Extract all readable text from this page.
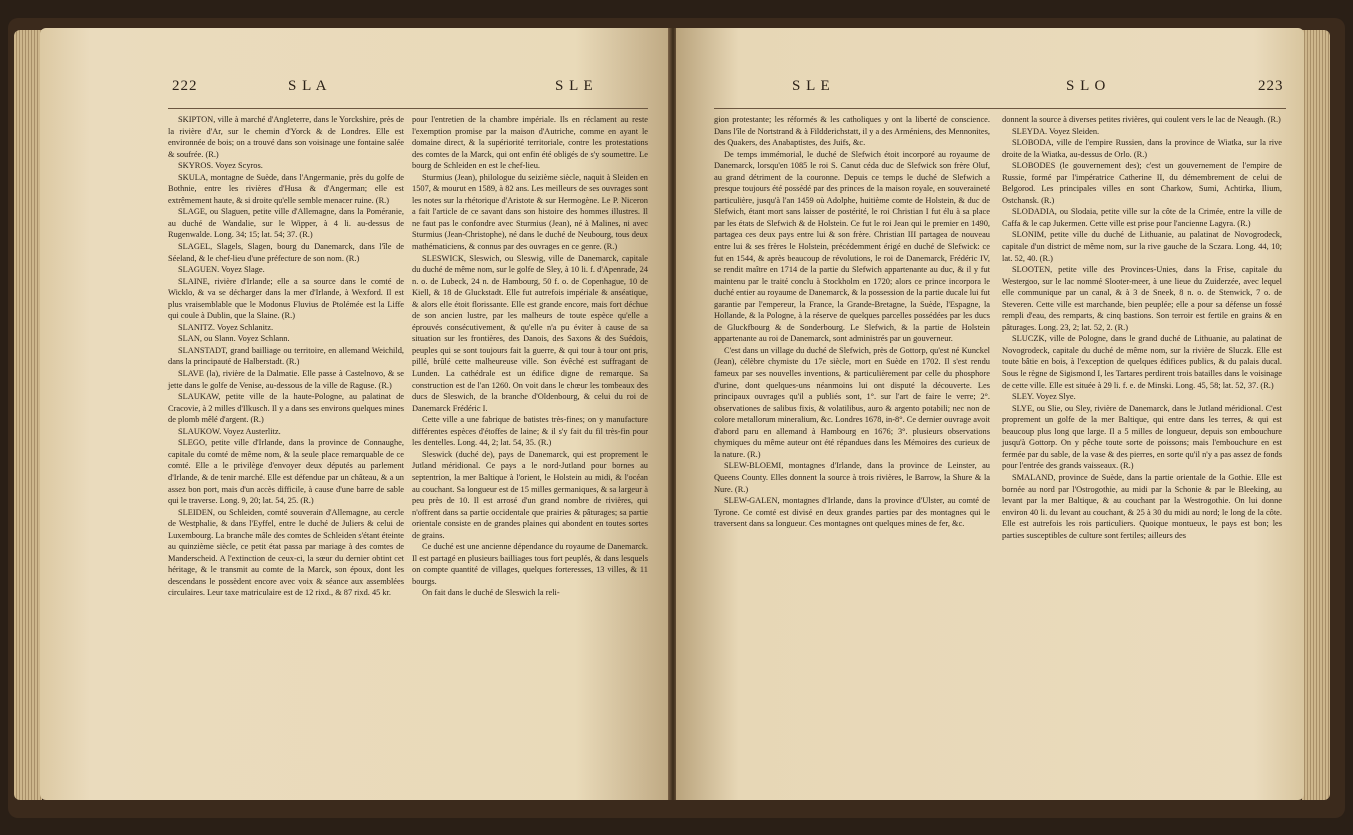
222	S L A	S L E

SKIPTON, ville à marché d'Angleterre, dans le Yorckshire, près de la rivière d'Ar, sur le chemin d'Yorck & de Londres. Elle est environnée de bois; on a trouvé dans son voisinage une fontaine salée & soufrée. (R.)

SKYROS. Voyez Scyros.

SKULA, montagne de Suède, dans l'Angermanie, près du golfe de Bothnie, entre les rivières d'Husa & d'Angerman; elle est extrêmement haute, & si droite qu'elle semble menacer ruine. (R.)

SLAGE, ou Slaguen, petite ville d'Allemagne, dans la Poméranie, au duché de Wandalie, sur le Wipper, à 4 li. au-dessus de Rugenwalde. Long. 34; 15; lat. 54; 37. (R.)

SLAGEL, Slagels, Slagen, bourg du Danemarck, dans l'île de Séeland, & le chef-lieu d'une préfecture de son nom. (R.)

SLAGUEN. Voyez Slage.

SLAINE, rivière d'Irlande; elle a sa source dans le comté de Wicklo, & va se décharger dans la mer d'Irlande, à Wexford. Il est plus vraisemblable que le Modonus Fluvius de Ptolémée est la Liffe qui coule à Dublin, que la Slaine. (R.)

SLANITZ. Voyez Schlanitz.

SLAN, ou Slann. Voyez Schlann.

SLANSTADT, grand bailliage ou territoire, en allemand Weichild, dans la principauté de Halberstadt. (R.)

SLAVE (la), rivière de la Dalmatie. Elle passe à Castelnovo, & se jette dans le golfe de Venise, au-dessous de la ville de Raguse. (R.)

SLAUKAW, petite ville de la haute-Pologne, au palatinat de Cracovie, à 2 milles d'Ilkusch. Il y a dans ses environs quelques mines de plomb mêlé d'argent. (R.)

SLAUKOW. Voyez Austerlitz.

SLEGO, petite ville d'Irlande, dans la province de Connaughe, capitale du comté de même nom, & la seule place remarquable de ce comté. Elle a le privilège d'envoyer deux députés au parlement d'Irlande, & de tenir marché. Elle est défendue par un château, & a un assez bon port, mais d'un accès difficile, à cause d'une barre de sable qui le traverse. Long. 9, 20; lat. 54, 25. (R.)

SLEIDEN, ou Schleiden, comté souverain d'Allemagne, au cercle de Westphalie, & dans l'Eyffel, entre le duché de Juliers & celui de Luxembourg. La branche mâle des comtes de Schleiden s'étant éteinte au quinzième siècle, ce petit état passa par mariage à des comtes de Manderscheid. A l'extinction de ceux-ci, la sœur du dernier obtint cet héritage, & le transmit au comte de la Marck, son époux, dont les descendans le possèdent encore avec voix & séance aux assemblées circulaires. Leur taxe matriculaire est de 12 rixd., & 87 rixd. 45 kr.

pour l'entretien de la chambre impériale. Ils en réclament au reste l'exemption promise par la maison d'Autriche, comme en ayant le domaine direct, & la supériorité territoriale, contre les protestations des comtes de la Marck, qui ont enfin été obligés de s'y soumettre. Le bourg de Schleiden en est le chef-lieu.

Sturmius (Jean), philologue du seizième siècle, naquit à Sleiden en 1507, & mourut en 1589, à 82 ans. Les meilleurs de ses ouvrages sont les notes sur la rhétorique d'Aristote & sur Hermogène. Le P. Niceron a fait l'article de ce savant dans son histoire des hommes illustres. Il ne faut pas le confondre avec Sturmius (Jean), né à Malines, ni avec Sturmius (Jean-Christophe), né dans le duché de Neubourg, tous deux mathématiciens, & connus par des ouvrages en ce genre. (R.)

SLESWICK, Sleswich, ou Sleswig, ville de Danemarck, capitale du duché de même nom, sur le golfe de Sley, à 10 li. f. d'Apenrade, 24 n. o. de Lubeck, 24 n. de Hambourg, 50 f. o. de Copenhague, 10 de Kiell, & 18 de Gluckstadt. Elle fut autrefois impériale & anséatique, & alors elle étoit florissante. Elle est grande encore, mais fort déchue de son ancien lustre, par les malheurs de toute espèce qu'elle a éprouvés consécutivement, & qu'elle n'a pu éviter à cause de sa situation sur les frontières, des Danois, des Saxons & des Suédois, peuples qui se sont toujours fait la guerre, & qui tour à tour ont pris, pillé, brûlé cette malheureuse ville. Son évêché est suffragant de Lunden. La cathédrale est un édifice digne de remarque. Sa construction est de l'an 1260. On voit dans le chœur les tombeaux des ducs de Sleswich, de la branche d'Oldenbourg, & celui du roi de Danemarck Frédéric I.

Cette ville a une fabrique de batistes très-fines; on y manufacture différentes espèces d'étoffes de laine; & il s'y fait du fil très-fin pour les dentelles. Long. 44, 2; lat. 54, 35. (R.)

Sleswick (duché de), pays de Danemarck, qui est proprement le Jutland méridional. Ce pays a le nord-Jutland pour bornes au septentrion, la mer Baltique à l'orient, le Holstein au midi, & l'océan au couchant. Sa longueur est de 15 milles germaniques, & sa largeur à peu près de 10. Il est arrosé d'un grand nombre de rivières, qui n'offrent dans sa partie occidentale que prairies & pâturages; sa partie orientale consiste en de grandes plaines qui abondent en toutes sortes de grains.

Ce duché est une ancienne dépendance du royaume de Danemarck. Il est partagé en plusieurs bailliages tous fort peuplés, & dans lesquels on compte quantité de villages, quelques forteresses, 13 villes, & 11 bourgs.

On fait dans le duché de Sleswich la reli-

S L E	S L O	223

gion protestante; les réformés & les catholiques y ont la liberté de conscience. Dans l'île de Nortstrand & à Fildderichstatt, il y a des Arméniens, des Mennonites, des Quakers, des Anabaptistes, des Juifs, &c.

De temps immémorial, le duché de Slefwich étoit incorporé au royaume de Danemarck, lorsqu'en 1085 le roi S. Canut céda duc de Slefwick son frère Oluf, au grand détriment de la couronne. Depuis ce temps le duché de Slefwich a presque toujours été possédé par des princes de la maison royale, en souveraineté particulière, jusqu'à l'an 1459 où Adolphe, huitième comte de Holstein, & duc de Slefwich, étant mort sans laisser de postérité, le roi Christian I fut élu à sa place par les états de Slefwich & de Holstein. Ce fut le roi Jean qui le premier en 1490, partagea ces deux pays entre lui & son frère. Christian III partagea de nouveau entre lui & ses frères le Holstein, précédemment érigé en duché de Slefwick: ce fut en 1544, & après beaucoup de révolutions, le roi de Danemarck, Frédéric IV, se rendit maître en 1714 de la partie du Slefwich appartenante au duc, & il y fut maintenu par le traité conclu à Stockholm en 1720; alors ce prince incorpora le duché entier au royaume de Danemarck, & la possession de la partie ducale lui fut garantie par l'empereur, la France, la Grande-Bretagne, la Suède, l'Espagne, la Hollande, & la Pologne, à la réserve de quelques parcelles possédées par les ducs de Gluckfbourg & de Sonderbourg. Le Slefwich, & la partie de Holstein appartenante au roi de Danemarck, sont administrés par un gouverneur.

C'est dans un village du duché de Slefwich, près de Gottorp, qu'est né Kunckel (Jean), célèbre chymiste du 17e siècle, mort en Suède en 1702. Il s'est rendu fameux par ses nouvelles inventions, & particulièrement par celle du phosphore d'urine, dont quelques-uns néanmoins lui ont disputé la découverte. Les principaux ouvrages qu'il a publiés sont, 1°. sur l'art de faire le verre; 2°. observationes de salibus fixis, & volatilibus, auro & argento potabili; nec non de colore metallorum mineralium, &c. Londres 1678, in-8°. Ce dernier ouvrage avoit d'abord paru en allemand à Hambourg en 1676; 3°. plusieurs observations chymiques du même auteur ont été répandues dans les Mémoires des curieux de la nature. (R.)

SLEW-BLOEMI, montagnes d'Irlande, dans la province de Leinster, au Queens County. Elles donnent la source à trois rivières, le Barrow, la Shure & la Nure. (R.)

SLEW-GALEN, montagnes d'Irlande, dans la province d'Ulster, au comté de Tyrone. Ce comté est divisé en deux grandes parties par des montagnes qui le traversent dans sa longueur. Ces montagnes ont quelques mines de fer, &c.

donnent la source à diverses petites rivières, qui coulent vers le lac de Neaugh. (R.)

SLEYDA. Voyez Sleiden.

SLOBODA, ville de l'empire Russien, dans la province de Wiatka, sur la rive droite de la Wiatka, au-dessus de Orlo. (R.)

SLOBODES (le gouvernement des); c'est un gouvernement de l'empire de Russie, formé par l'impératrice Catherine II, du démembrement de celui de Belgorod. Les principales villes en sont Charkow, Sumi, Achtirka, Ilium, Ostchansk. (R.)

SLODADIA, ou Slodaia, petite ville sur la côte de la Crimée, entre la ville de Caffa & le cap Jukermen. Cette ville est prise pour l'ancienne Lagyra. (R.)

SLONIM, petite ville du duché de Lithuanie, au palatinat de Novogrodeck, capitale d'un district de même nom, sur la rive gauche de la Sczara. Long. 44, 10; lat. 52, 40. (R.)

SLOOTEN, petite ville des Provinces-Unies, dans la Frise, capitale du Westergoo, sur le lac nommé Slooter-meer, à une lieue du Zuiderzée, avec lequel elle communique par un canal, & à 3 de Sneek, 8 n. o. de Stenwick, 7 o. de Steveren. Cette ville est marchande, bien peuplée; elle a pour sa défense un fossé rempli d'eau, des remparts, & cinq bastions. Son terroir est fertile en grains & en pâturages. Long. 23, 2; lat. 52, 2. (R.)

SLUCZK, ville de Pologne, dans le grand duché de Lithuanie, au palatinat de Novogrodeck, capitale du duché de même nom, sur la rivière de Sluczk. Elle est toute bâtie en bois, à l'exception de quelques édifices publics, & du palais ducal. Sous le règne de Sigismond I, les Tartares perdirent trois batailles dans le voisinage de cette ville. Elle est située à 29 li. f. e. de Minski. Long. 45, 58; lat. 52, 37. (R.)

SLEY. Voyez Slye.

SLYE, ou Slie, ou Sley, rivière de Danemarck, dans le Jutland méridional. C'est proprement un golfe de la mer Baltique, qui entre dans les terres, & qui est beaucoup plus long que large. Il a 5 milles de longueur, depuis son embouchure jusqu'à Gottorp. On y pêche toute sorte de poissons; mais l'embouchure en est fermée par du sable, de la vase & des pierres, en sorte qu'il n'y a pas assez de fonds pour l'entrée des grands vaisseaux. (R.)

SMALAND, province de Suède, dans la partie orientale de la Gothie. Elle est bornée au nord par l'Ostrogothie, au midi par la Schonie & par le Bleeking, au levant par la mer Baltique, & au couchant par la Westrogothie. On lui donne environ 40 li. du levant au couchant, & 25 à 30 du midi au nord; le long de la côte. Elle est autrefois les rois particuliers. Quoique montueux, le pays est bon; les parties susceptibles de culture sont fertiles; ailleurs des
